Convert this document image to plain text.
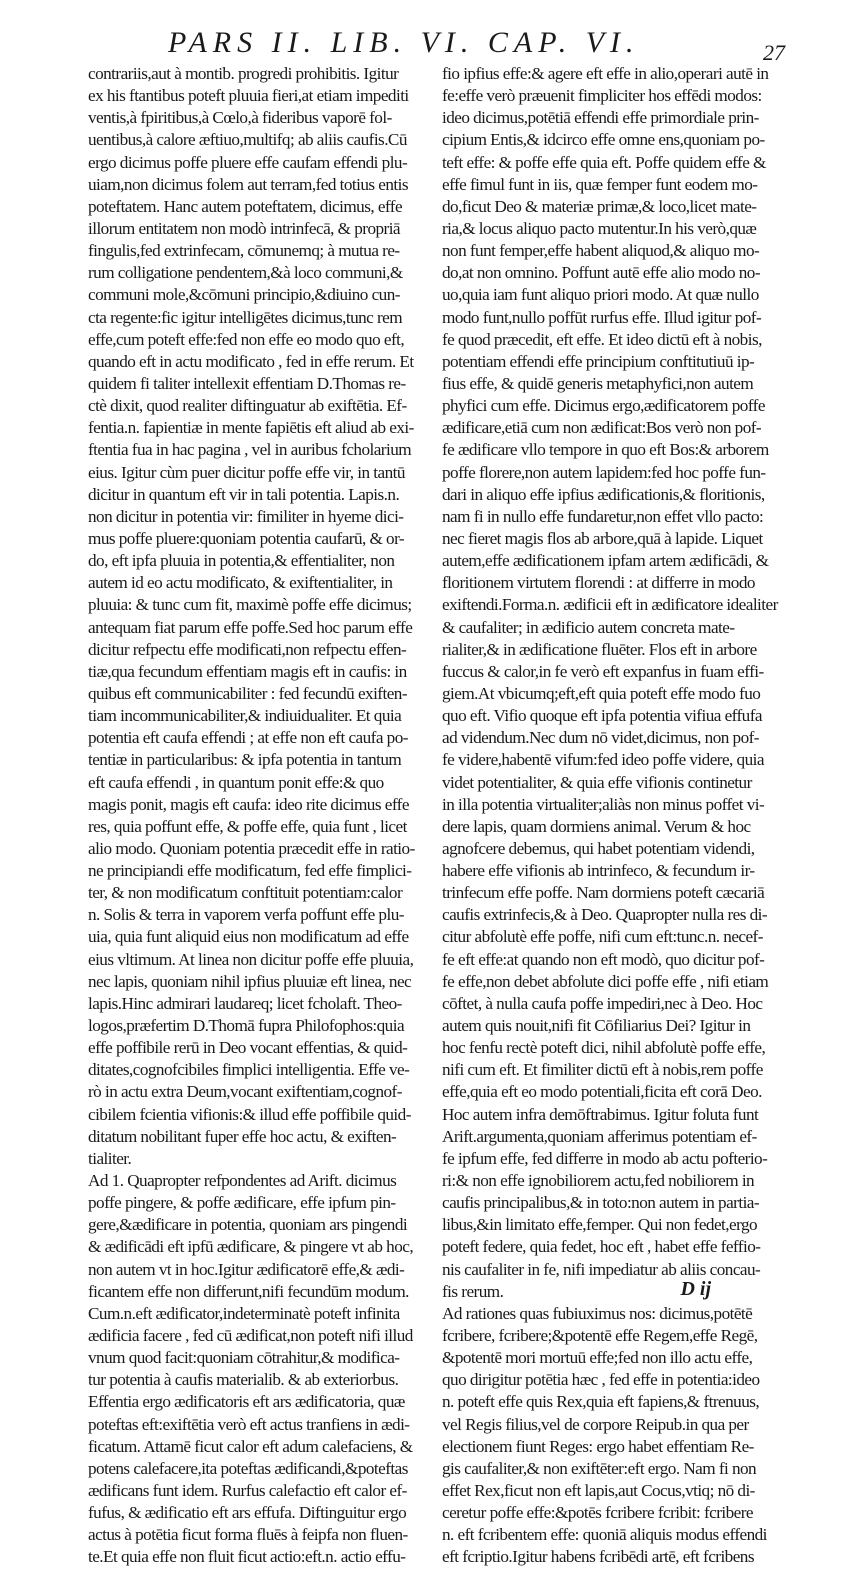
PARS II. LIB. VI. CAP. VI.	27
contrariis,aut à montib. progredi prohibitis. Igitur
ex his ftantibus poteft pluuia fieri,at etiam impediti
ventis,à fpiritibus,à Cœlo,à fideribus vaporē fol-
uentibus,à calore æftiuo,multifq; ab aliis caufis.Cū
ergo dicimus poffe pluere effe caufam effendi plu-
uiam,non dicimus folem aut terram,fed totius entis
poteftatem. Hanc autem poteftatem, dicimus, effe
illorum entitatem non modò intrinfecā, & propriā
fingulis,fed extrinfecam, cōmunemq; à mutua re-
rum colligatione pendentem,&à loco communi,&
communi mole,&cōmuni principio,&diuino cun-
cta regente:fic igitur intelligētes dicimus,tunc rem
effe,cum poteft effe:fed non effe eo modo quo eft,
quando eft in actu modificato , fed in effe rerum. Et
quidem fi taliter intellexit effentiam D.Thomas re-
ctè dixit, quod realiter diftinguatur ab exiftētia. Ef-
fentia.n. fapientiæ in mente fapiētis eft aliud ab exi-
ftentia fua in hac pagina , vel in auribus fcholarium
eius. Igitur cùm puer dicitur poffe effe vir, in tantū
dicitur in quantum eft vir in tali potentia. Lapis.n.
non dicitur in potentia vir: fimiliter in hyeme dici-
mus poffe pluere:quoniam potentia caufarū, & or-
do, eft ipfa pluuia in potentia,& effentialiter, non
autem id eo actu modificato, & exiftentialiter, in
pluuia: & tunc cum fit, maximè poffe effe dicimus;
antequam fiat parum effe poffe.Sed hoc parum effe
dicitur refpectu effe modificati,non refpectu effen-
tiæ,qua fecundum effentiam magis eft in caufis: in
quibus eft communicabiliter : fed fecundū exiften-
tiam incommunicabiliter,& indiuidualiter. Et quia
potentia eft caufa effendi ; at effe non eft caufa po-
tentiæ in particularibus: & ipfa potentia in tantum
eft caufa effendi , in quantum ponit effe:& quo
magis ponit, magis eft caufa: ideo rite dicimus effe
res, quia poffunt effe, & poffe effe, quia funt , licet
alio modo. Quoniam potentia præcedit effe in ratio-
ne principiandi effe modificatum, fed effe fimplici-
ter, & non modificatum conftituit potentiam:calor
n. Solis & terra in vaporem verfa poffunt effe plu-
uia, quia funt aliquid eius non modificatum ad effe
eius vltimum. At linea non dicitur poffe effe pluuia,
nec lapis, quoniam nihil ipfius pluuiæ eft linea, nec
lapis.Hinc admirari laudareq; licet fcholaft. Theo-
logos,præfertim D.Thomā fupra Philofophos:quia
effe poffibile rerū in Deo vocant effentias, & quid-
ditates,cognofcibiles fimplici intelligentia. Effe ve-
rò in actu extra Deum,vocant exiftentiam,cognof-
cibilem fcientia vifionis:& illud effe poffibile quid-
ditatum nobilitant fuper effe hoc actu, & exiften-
tialiter.
Ad 1. Quapropter refpondentes ad Arift. dicimus
poffe pingere, & poffe ædificare, effe ipfum pin-
gere,&ædificare in potentia, quoniam ars pingendi
& ædificādi eft ipfū ædificare, & pingere vt ab hoc,
non autem vt in hoc.Igitur ædificatorē effe,& ædi-
ficantem effe non differunt,nifi fecundūm modum.
Cum.n.eft ædificator,indeterminatè poteft infinita
ædificia facere , fed cū ædificat,non poteft nifi illud
vnum quod facit:quoniam cōtrahitur,& modifica-
tur potentia à caufis materialib. & ab exteriorbus.
Effentia ergo ædificatoris eft ars ædificatoria, quæ
poteftas eft:exiftētia verò eft actus tranfiens in ædi-
ficatum. Attamē ficut calor eft adum calefaciens, &
potens calefacere,ita poteftas ædificandi,&poteftas
ædificans funt idem. Rurfus calefactio eft calor ef-
fufus, & ædificatio eft ars effufa. Diftinguitur ergo
actus à potētia ficut forma fluēs à feipfa non fluen-
te.Et quia effe non fluit ficut actio:eft.n. actio effu-
fio ipfius effe:& agere eft effe in alio,operari autē in
fe:effe verò præuenit fimpliciter hos effēdi modos:
ideo dicimus,potētiā effendi effe primordiale prin-
cipium Entis,& idcirco effe omne ens,quoniam po-
teft effe: & poffe effe quia eft. Poffe quidem effe &
effe fimul funt in iis, quæ femper funt eodem mo-
do,ficut Deo & materiæ primæ,& loco,licet mate-
ria,& locus aliquo pacto mutentur.In his verò,quæ
non funt femper,effe habent aliquod,& aliquo mo-
do,at non omnino. Poffunt autē effe alio modo no-
uo,quia iam funt aliquo priori modo. At quæ nullo
modo funt,nullo poffūt rurfus effe. Illud igitur pof-
fe quod præcedit, eft effe. Et ideo dictū eft à nobis,
potentiam effendi effe principium conftitutiuū ip-
fius effe, & quidē generis metaphyfici,non autem
phyfici cum effe. Dicimus ergo,ædificatorem poffe
ædificare,etiā cum non ædificat:Bos verò non pof-
fe ædificare vllo tempore in quo eft Bos:& arborem
poffe florere,non autem lapidem:fed hoc poffe fun-
dari in aliquo effe ipfius ædificationis,& floritionis,
nam fi in nullo effe fundaretur,non effet vllo pacto:
nec fieret magis flos ab arbore,quā à lapide. Liquet
autem,effe ædificationem ipfam artem ædificādi, &
floritionem virtutem florendi : at differre in modo
exiftendi.Forma.n. ædificii eft in ædificatore idealiter
& caufaliter; in ædificio autem concreta mate-
rialiter,& in ædificatione fluēter. Flos eft in arbore
fuccus & calor,in fe verò eft expanfus in fuam effi-
giem.At vbicumq;eft,eft quia poteft effe modo fuo
quo eft. Vifio quoque eft ipfa potentia vifiua effufa
ad videndum.Nec dum nō videt,dicimus, non pof-
fe videre,habentē vifum:fed ideo poffe videre, quia
videt potentialiter, & quia effe vifionis continetur
in illa potentia virtualiter;aliàs non minus poffet vi-
dere lapis, quam dormiens animal. Verum & hoc
agnofcere debemus, qui habet potentiam videndi,
habere effe vifionis ab intrinfeco, & fecundum ir-
trinfecum effe poffe. Nam dormiens poteft cæcariā
caufis extrinfecis,& à Deo. Quapropter nulla res di-
citur abfolutè effe poffe, nifi cum eft:tunc.n. necef-
fe eft effe:at quando non eft modò, quo dicitur pof-
fe effe,non debet abfolute dici poffe effe , nifi etiam
cōftet, à nulla caufa poffe impediri,nec à Deo. Hoc
autem quis nouit,nifi fit Cōfiliarius Dei? Igitur in
hoc fenfu rectè poteft dici, nihil abfolutè poffe effe,
nifi cum eft. Et fimiliter dictū eft à nobis,rem poffe
effe,quia eft eo modo potentiali,ficita eft corā Deo.
Hoc autem infra demōftrabimus. Igitur foluta funt
Arift.argumenta,quoniam afferimus potentiam ef-
fe ipfum effe, fed differre in modo ab actu pofterio-
ri:& non effe ignobiliorem actu,fed nobiliorem in
caufis principalibus,& in toto:non autem in partia-
libus,&in limitato effe,femper. Qui non fedet,ergo
poteft federe, quia fedet, hoc eft , habet effe feffio-
nis caufaliter in fe, nifi impediatur ab aliis concau-
fis rerum.
Ad rationes quas fubiuximus nos: dicimus,potētē
fcribere, fcribere;&potentē effe Regem,effe Regē,
&potentē mori mortuū effe;fed non illo actu effe,
quo dirigitur potētia hæc , fed effe in potentia:ideo
n. poteft effe quis Rex,quia eft fapiens,& ftrenuus,
vel Regis filius,vel de corpore Reipub.in qua per
electionem fiunt Reges: ergo habet effentiam Re-
gis caufaliter,& non exiftēter:eft ergo. Nam fi non
effet Rex,ficut non eft lapis,aut Cocus,vtiq; nō di-
ceretur poffe effe:&potēs fcribere fcribit: fcribere
n. eft fcribentem effe: quoniā aliquis modus effendi
eft fcriptio.Igitur habens fcribēdi artē, eft fcribens
D ij
